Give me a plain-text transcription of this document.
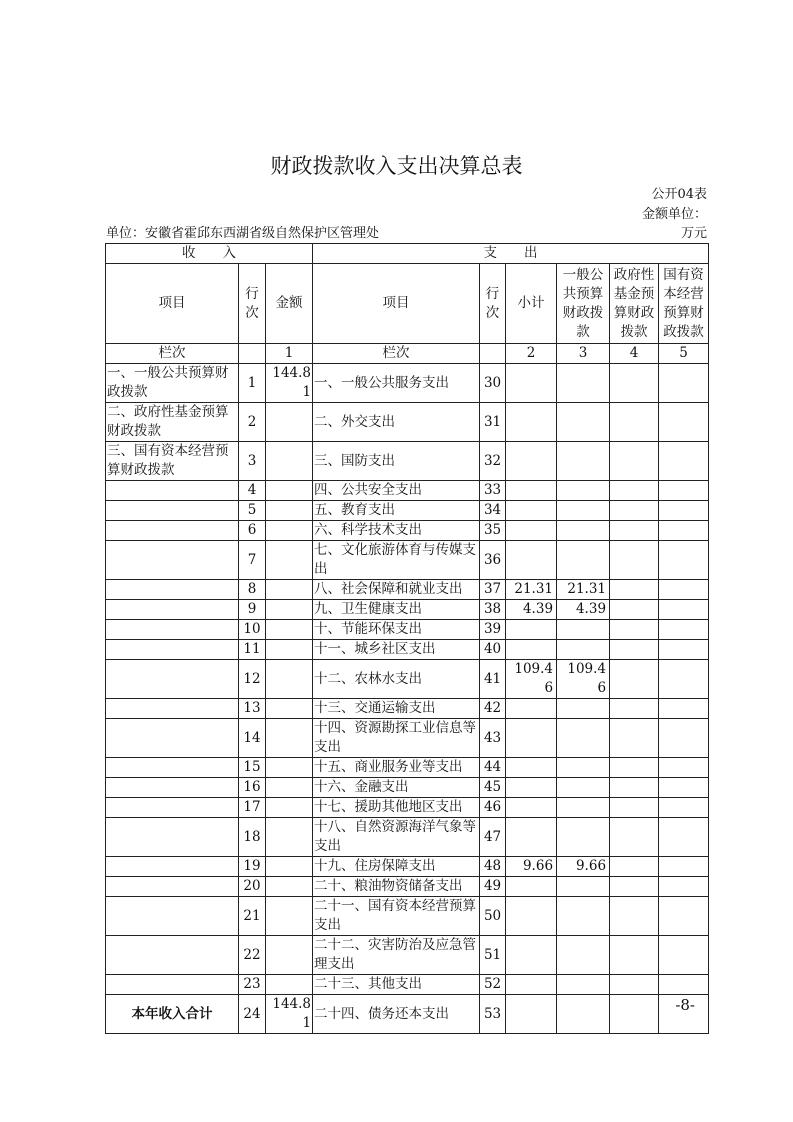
财政拨款收入支出决算总表
公开04表
金额单位：
单位：安徽省霍邱东西湖省级自然保护区管理处	万元
收　　入			支　　出					
项目	行次	金额	项目	行次	小计	一般公共预算财政拨款	政府性基金预算财政拨款	国有资本经营预算财政拨款
栏次		1	栏次		2	3	4	5
一、一般公共预算财政拨款	1	144.81	一、一般公共服务支出	30				
二、政府性基金预算财政拨款	2		二、外交支出	31				
三、国有资本经营预算财政拨款	3		三、国防支出	32				
	4		四、公共安全支出	33				
	5		五、教育支出	34				
	6		六、科学技术支出	35				
	7		七、文化旅游体育与传媒支出	36				
	8		八、社会保障和就业支出	37	21.31	21.31		
	9		九、卫生健康支出	38	4.39	4.39		
	10		十、节能环保支出	39				
	11		十一、城乡社区支出	40				
	12		十二、农林水支出	41	109.46	109.46		
	13		十三、交通运输支出	42				
	14		十四、资源勘探工业信息等支出	43				
	15		十五、商业服务业等支出	44				
	16		十六、金融支出	45				
	17		十七、援助其他地区支出	46				
	18		十八、自然资源海洋气象等支出	47				
	19		十九、住房保障支出	48	9.66	9.66		
	20		二十、粮油物资储备支出	49				
	21		二十一、国有资本经营预算支出	50				
	22		二十二、灾害防治及应急管理支出	51				
	23		二十三、其他支出	52				
本年收入合计	24	144.81	二十四、债务还本支出	53					-8-
